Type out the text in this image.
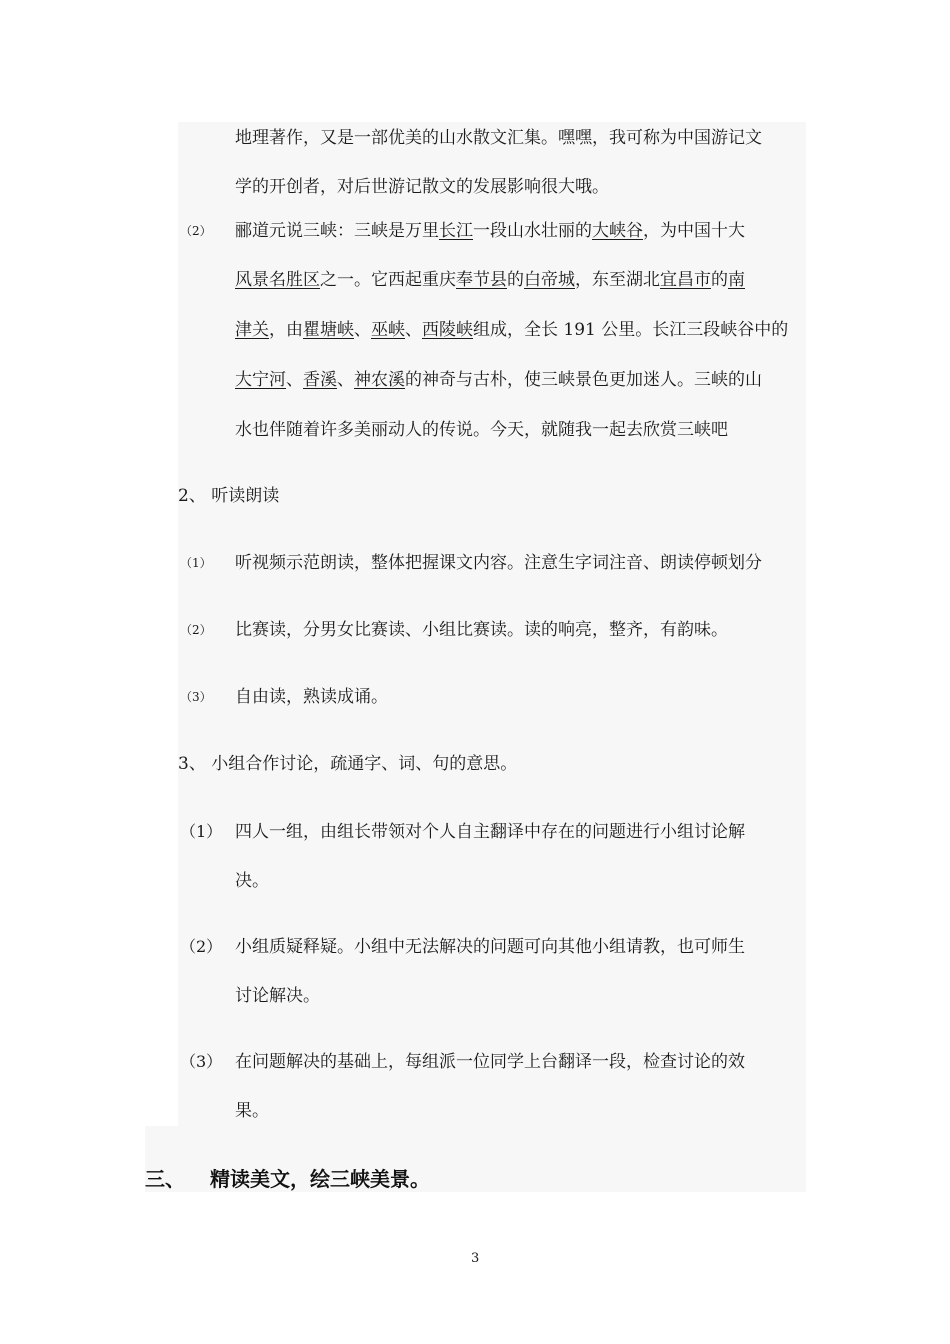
地理著作，又是一部优美的山水散文汇集。嘿嘿，我可称为中国游记文
学的开创者，对后世游记散文的发展影响很大哦。
（2） 郦道元说三峡：三峡是万里长江一段山水壮丽的大峡谷，为中国十大
风景名胜区之一。它西起重庆奉节县的白帝城，东至湖北宜昌市的南
津关，由瞿塘峡、巫峡、西陵峡组成，全长 191 公里。长江三段峡谷中的
大宁河、香溪、神农溪的神奇与古朴，使三峡景色更加迷人。三峡的山
水也伴随着许多美丽动人的传说。今天，就随我一起去欣赏三峡吧
2、 听读朗读
（1） 听视频示范朗读，整体把握课文内容。注意生字词注音、朗读停顿划分
（2） 比赛读，分男女比赛读、小组比赛读。读的响亮，整齐，有韵味。
（3） 自由读，熟读成诵。
3、 小组合作讨论，疏通字、词、句的意思。
（1） 四人一组，由组长带领对个人自主翻译中存在的问题进行小组讨论解
决。
（2） 小组质疑释疑。小组中无法解决的问题可向其他小组请教，也可师生
讨论解决。
（3） 在问题解决的基础上，每组派一位同学上台翻译一段，检查讨论的效
果。
三、 精读美文，绘三峡美景。
3
